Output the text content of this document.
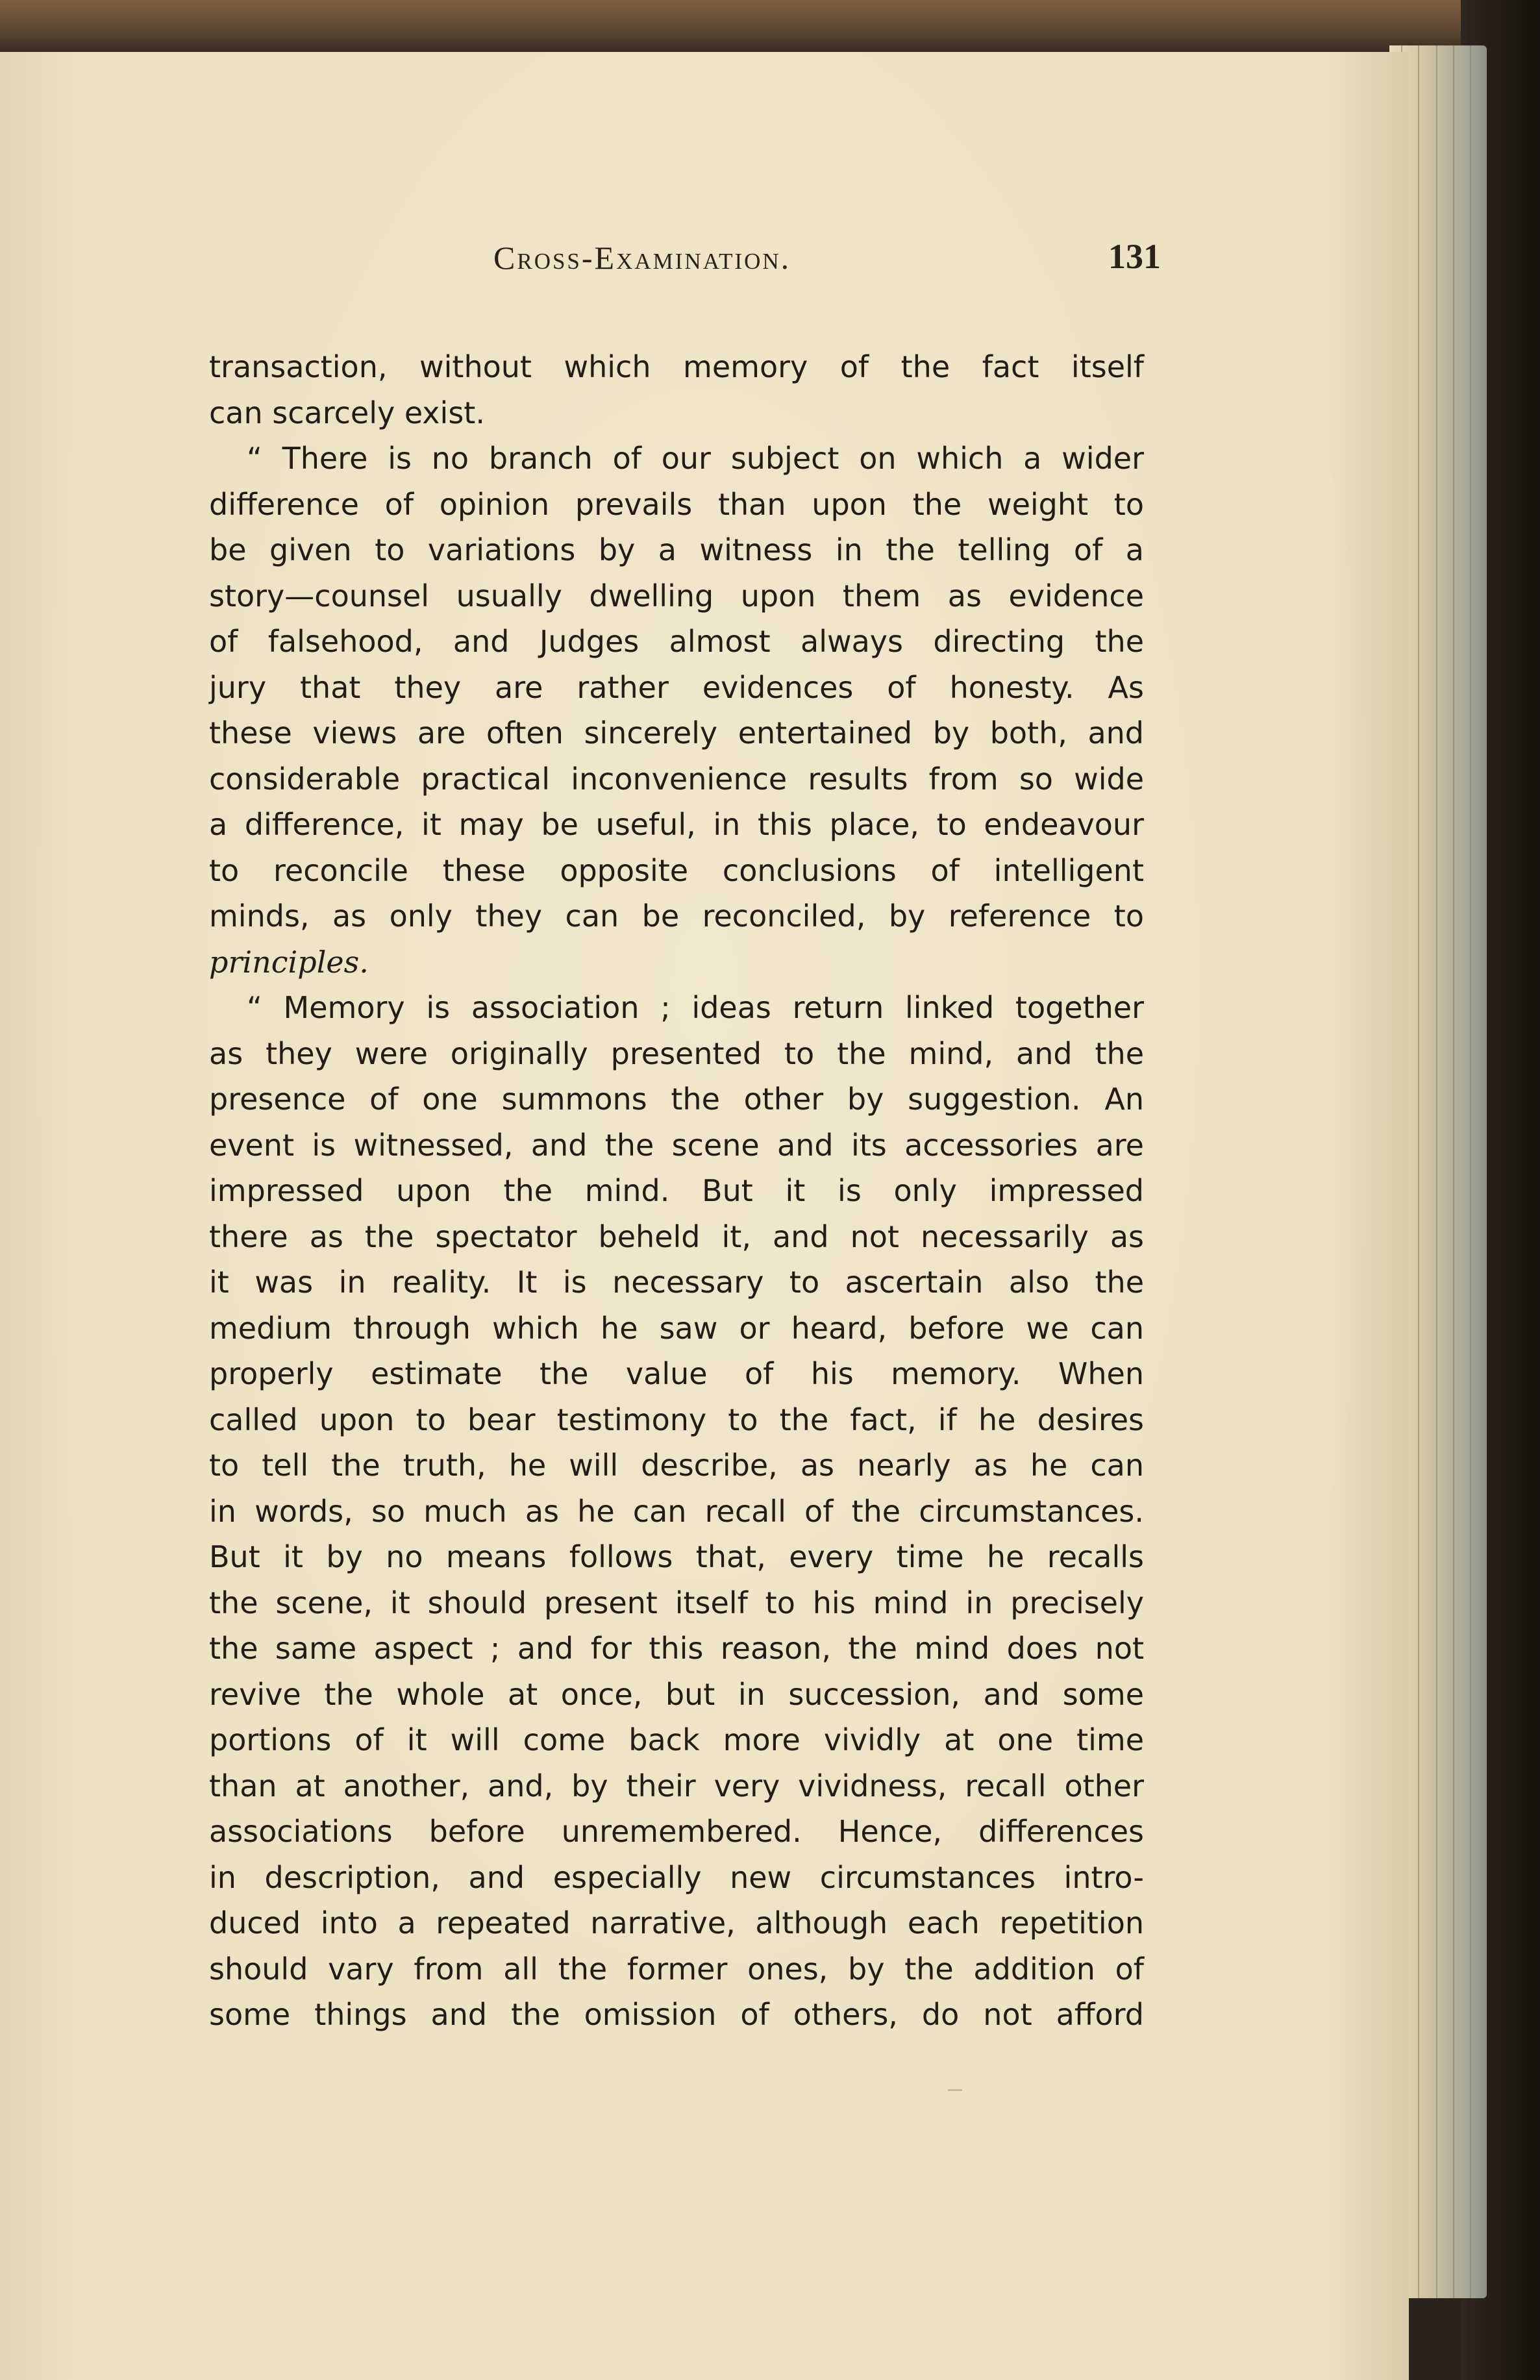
Cross-Examination.	131
transaction, without which memory of the fact itself
can scarcely exist.
“ There is no branch of our subject on which a wider
difference of opinion prevails than upon the weight to
be given to variations by a witness in the telling of a
story—counsel usually dwelling upon them as evidence
of falsehood, and Judges almost always directing the
jury that they are rather evidences of honesty. As
these views are often sincerely entertained by both, and
considerable practical inconvenience results from so wide
a difference, it may be useful, in this place, to endeavour
to reconcile these opposite conclusions of intelligent
minds, as only they can be reconciled, by reference to
principles.
“ Memory is association ; ideas return linked together
as they were originally presented to the mind, and the
presence of one summons the other by suggestion. An
event is witnessed, and the scene and its accessories are
impressed upon the mind. But it is only impressed
there as the spectator beheld it, and not necessarily as
it was in reality. It is necessary to ascertain also the
medium through which he saw or heard, before we can
properly estimate the value of his memory. When
called upon to bear testimony to the fact, if he desires
to tell the truth, he will describe, as nearly as he can
in words, so much as he can recall of the circumstances.
But it by no means follows that, every time he recalls
the scene, it should present itself to his mind in precisely
the same aspect ; and for this reason, the mind does not
revive the whole at once, but in succession, and some
portions of it will come back more vividly at one time
than at another, and, by their very vividness, recall other
associations before unremembered. Hence, differences
in description, and especially new circumstances intro-
duced into a repeated narrative, although each repetition
should vary from all the former ones, by the addition of
some things and the omission of others, do not afford
